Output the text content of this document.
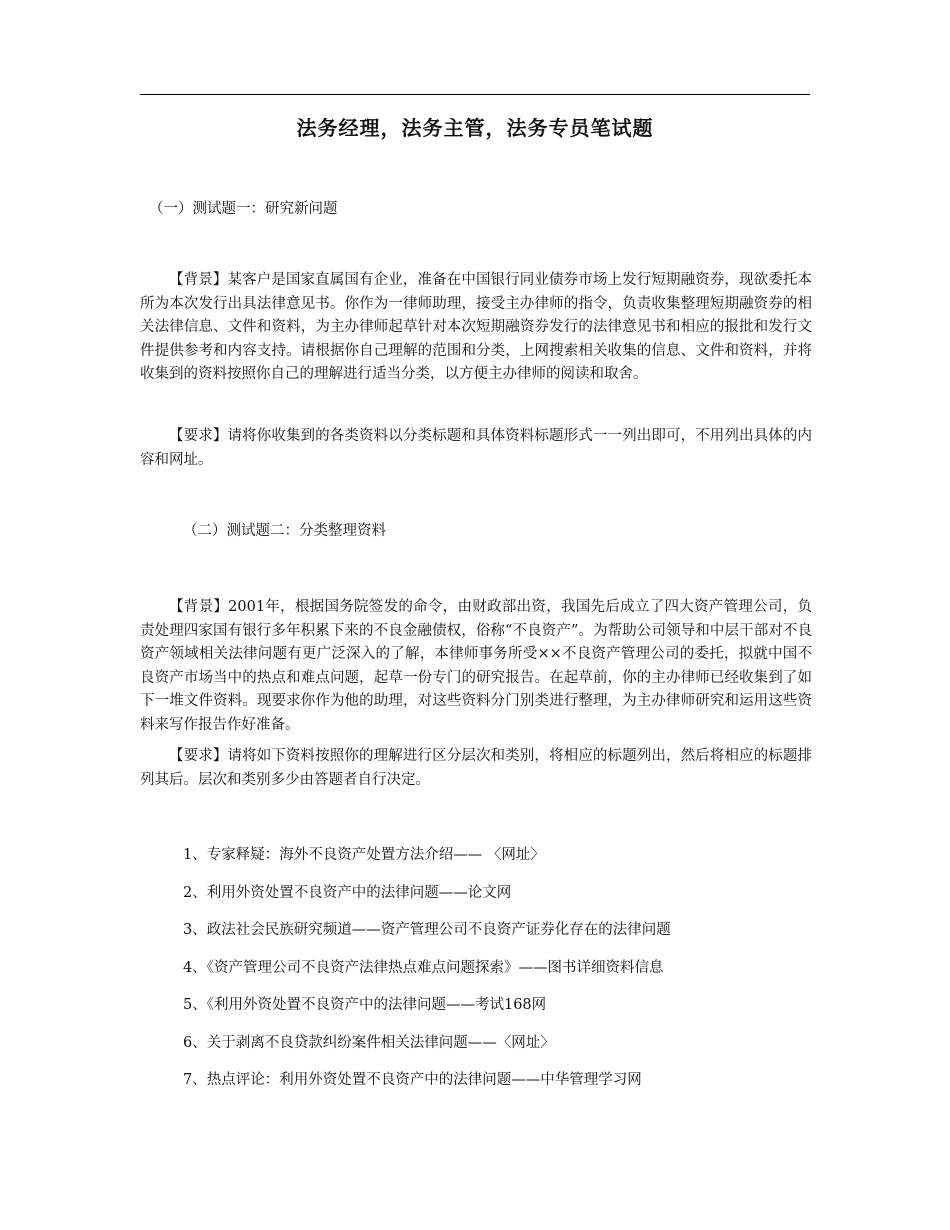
法务经理，法务主管，法务专员笔试题
（一）测试题一：研究新问题

【背景】某客户是国家直属国有企业，准备在中国银行同业债券市场上发行短期融资券，现欲委托本所为本次发行出具法律意见书。你作为一律师助理，接受主办律师的指令，负责收集整理短期融资券的相关法律信息、文件和资料，为主办律师起草针对本次短期融资券发行的法律意见书和相应的报批和发行文件提供参考和内容支持。请根据你自己理解的范围和分类，上网搜索相关收集的信息、文件和资料，并将收集到的资料按照你自己的理解进行适当分类，以方便主办律师的阅读和取舍。

【要求】请将你收集到的各类资料以分类标题和具体资料标题形式一一列出即可，不用列出具体的内容和网址。

（二）测试题二：分类整理资料

【背景】2001年，根据国务院签发的命令，由财政部出资，我国先后成立了四大资产管理公司，负责处理四家国有银行多年积累下来的不良金融债权，俗称“不良资产”。为帮助公司领导和中层干部对不良资产领域相关法律问题有更广泛深入的了解，本律师事务所受××不良资产管理公司的委托，拟就中国不良资产市场当中的热点和难点问题，起草一份专门的研究报告。在起草前，你的主办律师已经收集到了如下一堆文件资料。现要求你作为他的助理，对这些资料分门别类进行整理，为主办律师研究和运用这些资料来写作报告作好准备。

【要求】请将如下资料按照你的理解进行区分层次和类别，将相应的标题列出，然后将相应的标题排列其后。层次和类别多少由答题者自行决定。

1、专家释疑：海外不良资产处置方法介绍—— 〈网址〉
2、利用外资处置不良资产中的法律问题——论文网
3、政法社会民族研究频道——资产管理公司不良资产证券化存在的法律问题
4、《资产管理公司不良资产法律热点难点问题探索》——图书详细资料信息
5、《利用外资处置不良资产中的法律问题——考试168网
6、关于剥离不良贷款纠纷案件相关法律问题——〈网址〉
7、热点评论：利用外资处置不良资产中的法律问题——中华管理学习网
